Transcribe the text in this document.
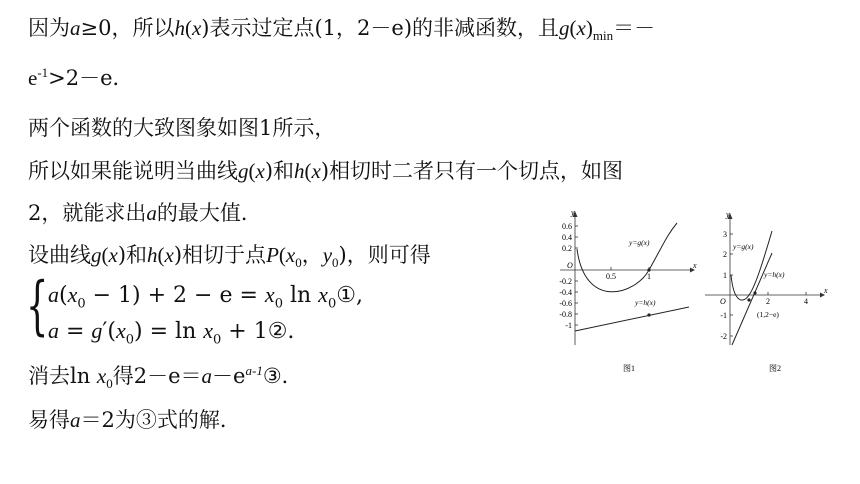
因为a≥0，所以h(x)表示过定点(1，2－e)的非减函数，且$g(x)_{min}=-$
$e^{-1}>2-e$．
两个函数的大致图象如图1所示，
所以如果能说明当曲线g(x)和h(x)相切时二者只有一个切点，如图
2，就能求出a的最大值．
设曲线g(x)和h(x)相切于点$P(x_0$，$y_0$)，则可得
{ $a(x_0 - 1) + 2 - e = x_0$ $\ln x_0①$,
$a = g'(x_0) = \ln x_0$ + 1②.
消去$\ln x_0$得$2-e=a-e^{a-1}③$．
易得a＝2为③式的解．
y
x
O
0.6
0.4
0.2
-0.2
-0.4
-0.6
-0.8
-1
0.5	1
y=g(x)
y=h(x)
图1
y
x
O
3
2
1
-1
-2
2	4
y=g(x)
y=h(x)
(1,2−e)
图2
